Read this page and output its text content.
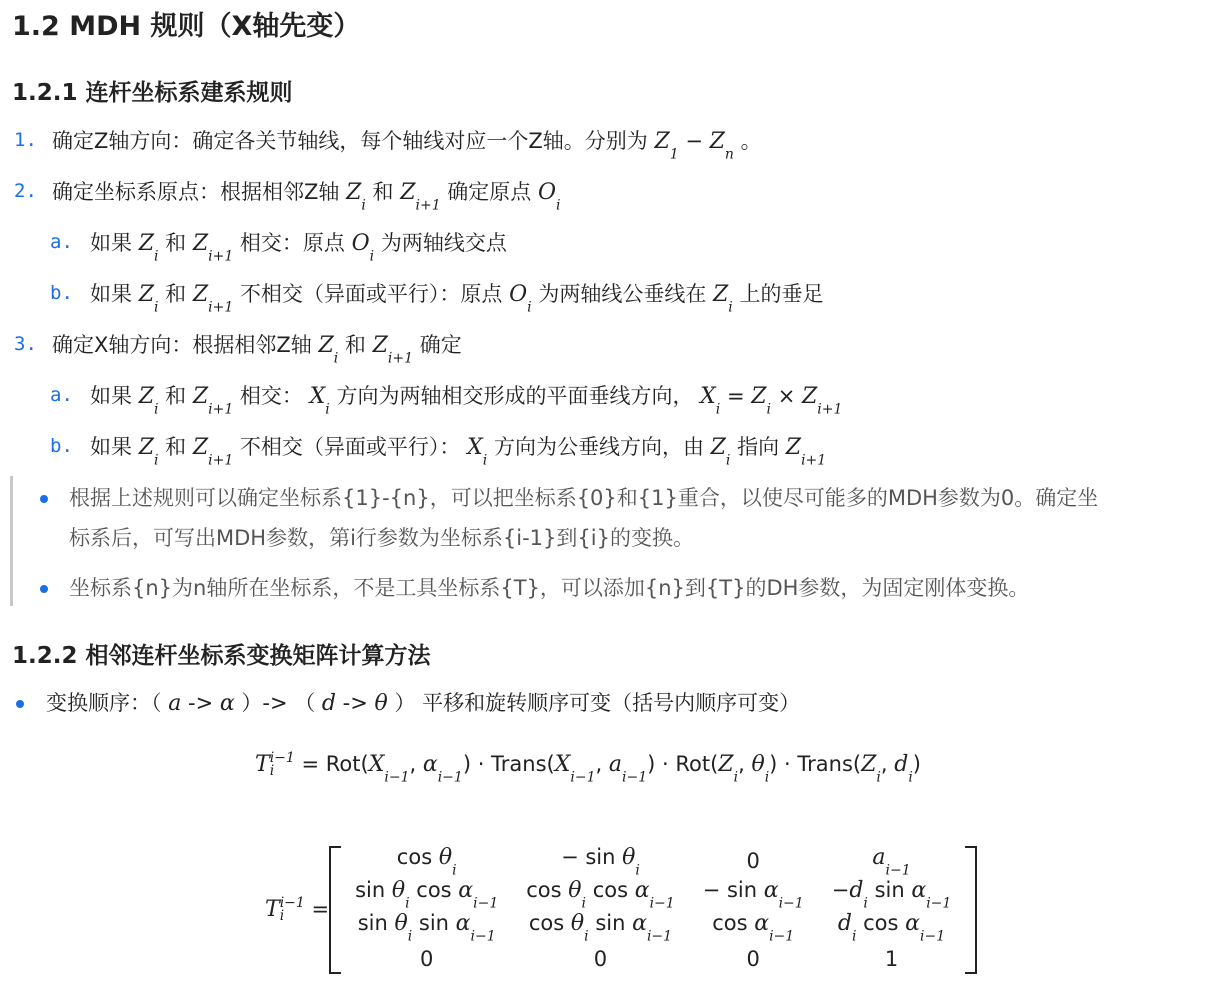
1.2 MDH 规则（X轴先变）
1.2.1 连杆坐标系建系规则
1. 确定Z轴方向：确定各关节轴线，每个轴线对应一个Z轴。分别为 $Z_1 - Z_n$ 。
2. 确定坐标系原点：根据相邻Z轴 $Z_i$ 和 $Z_{i+1}$ 确定原点 $O_i$
a. 如果 $Z_i$ 和 $Z_{i+1}$ 相交：原点 $O_i$ 为两轴线交点
b. 如果 $Z_i$ 和 $Z_{i+1}$ 不相交（异面或平行）：原点 $O_i$ 为两轴线公垂线在 $Z_i$ 上的垂足
3. 确定X轴方向：根据相邻Z轴 $Z_i$ 和 $Z_{i+1}$ 确定
a. 如果 $Z_i$ 和 $Z_{i+1}$ 相交： $X_i$ 方向为两轴相交形成的平面垂线方向， $X_i = Z_i \times Z_{i+1}$
b. 如果 $Z_i$ 和 $Z_{i+1}$ 不相交（异面或平行）： $X_i$ 方向为公垂线方向，由 $Z_i$ 指向 $Z_{i+1}$
根据上述规则可以确定坐标系{1}-{n}，可以把坐标系{0}和{1}重合，以使尽可能多的MDH参数为0。确定坐
标系后，可写出MDH参数，第i行参数为坐标系{i-1}到{i}的变换。
坐标系{n}为n轴所在坐标系，不是工具坐标系{T}，可以添加{n}到{T}的DH参数，为固定刚体变换。
1.2.2 相邻连杆坐标系变换矩阵计算方法
变换顺序：（ a -> α ）-> （ d -> θ ） 平移和旋转顺序可变（括号内顺序可变）
T i−1
$i = Rot(X_{i-1}$, $\alpha_{i-1}$) · $Trans(X_{i-1}$, $a_{i-1}) \cdot Rot(Z_i$, $\theta_i$) · $Trans(Z_i$, $d_i$)
T i−1
i =
$\cos \theta_i$	− $\sin \theta_i$	0	$a_{i-1}$
$\sin \theta_i$ $\cos \alpha_{i-1}$	$\cos \theta_i$ $\cos \alpha_{i-1}$	− $\sin \alpha_{i-1}$	$-d_i$ $\sin \alpha_{i-1}$
$\sin \theta_i$ $\sin \alpha_{i-1}$	$\cos \theta_i$ $\sin \alpha_{i-1}$	$\cos \alpha_{i-1}$	$d_i$ $\cos \alpha_{i-1}$
0	0	0	1
